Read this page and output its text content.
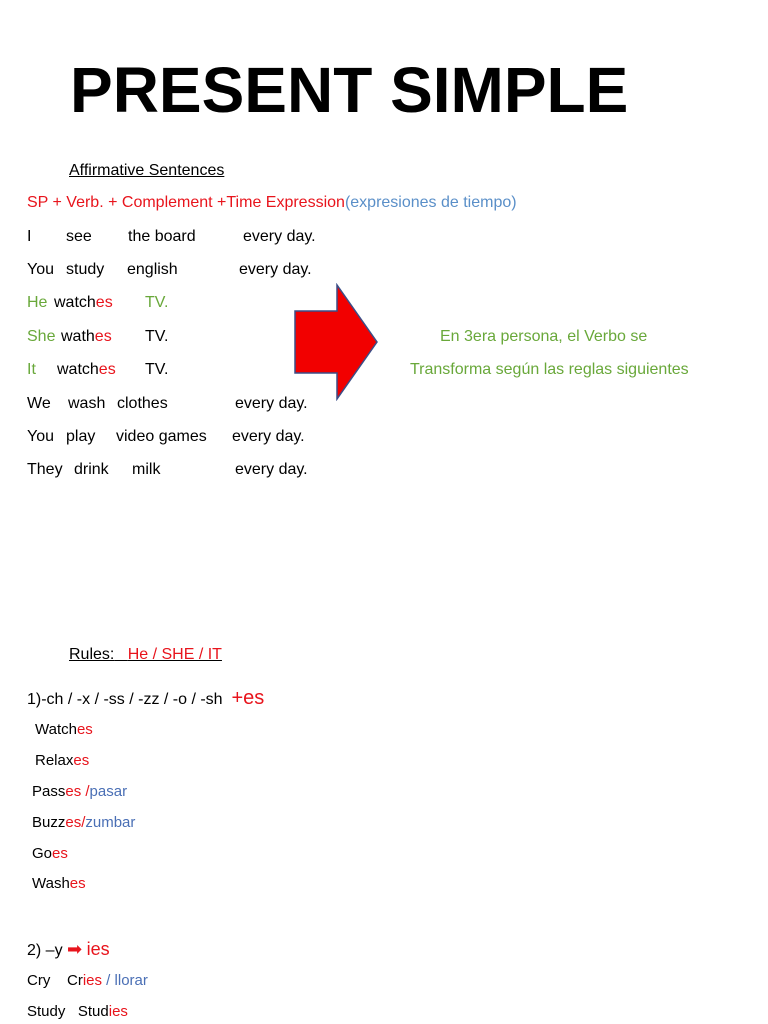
PRESENT SIMPLE
Affirmative Sentences
SP + Verb. + Complement +Time Expression(expresiones de tiempo)
I see the board	every day.
You study english	every day.
He watches TV.
She wathes TV.
It watches TV.
We wash clothes	every day.
You play video games every day.
They drink milk	every day.
En 3era persona, el Verbo se
Transforma según las reglas siguientes
Rules: He / SHE / IT
1)-ch / -x / -ss / -zz / -o / -sh +es
Watches
Relaxes
Passes /pasar
Buzzes/zumbar
Goes
Washes
2) –y ➡ ies
Cry Cries / llorar
Study Studies
